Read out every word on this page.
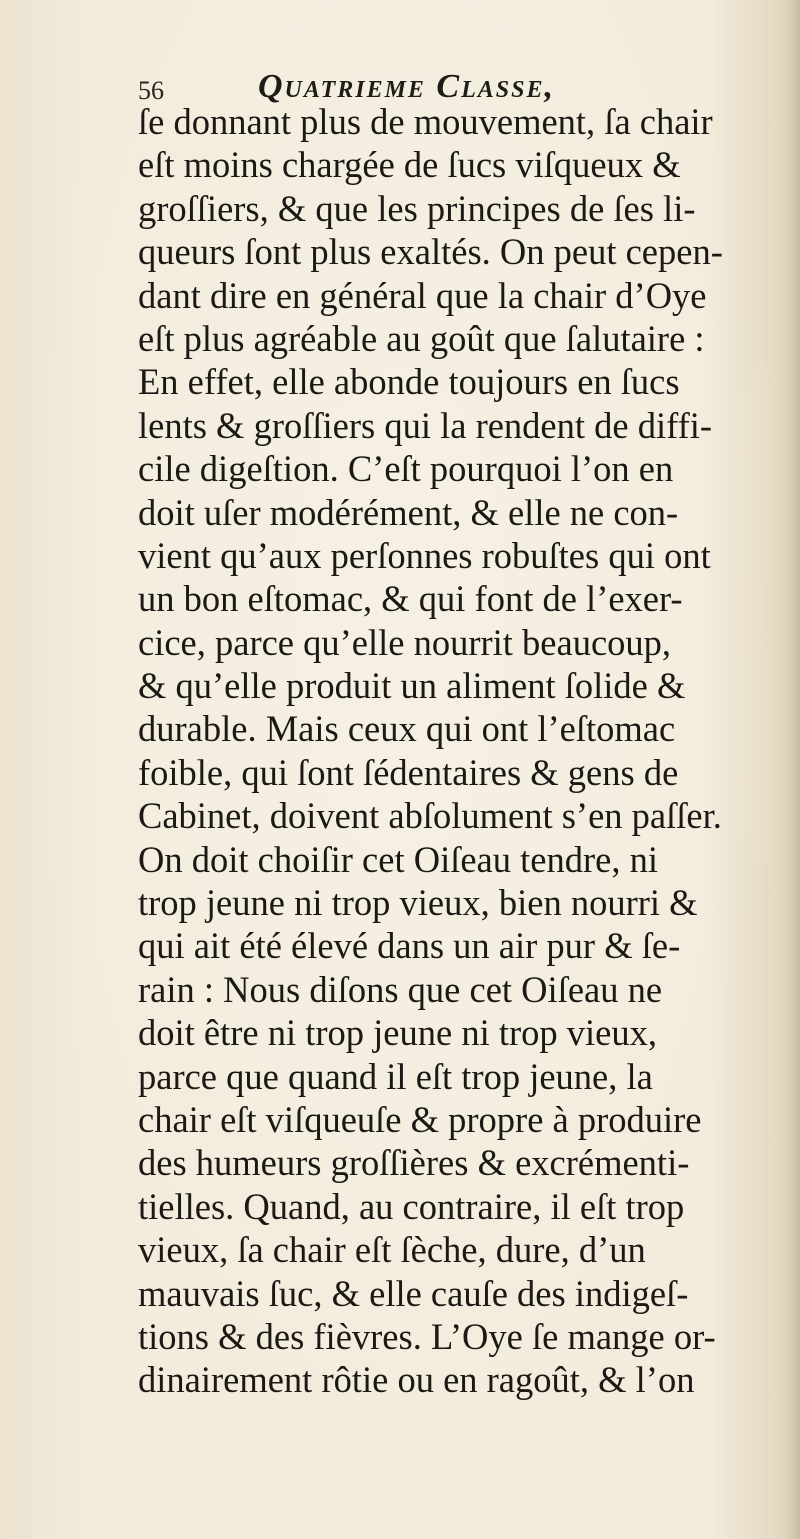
56	Quatrieme Classe,
ſe donnant plus de mouvement, ſa chair
eſt moins chargée de ſucs viſqueux &
groſſiers, & que les principes de ſes li-
queurs ſont plus exaltés. On peut cepen-
dant dire en général que la chair d’Oye
eſt plus agréable au goût que ſalutaire :
En effet, elle abonde toujours en ſucs
lents & groſſiers qui la rendent de diffi-
cile digeſtion. C’eſt pourquoi l’on en
doit uſer modérément, & elle ne con-
vient qu’aux perſonnes robuſtes qui ont
un bon eſtomac, & qui font de l’exer-
cice, parce qu’elle nourrit beaucoup,
& qu’elle produit un aliment ſolide &
durable. Mais ceux qui ont l’eſtomac
foible, qui ſont ſédentaires & gens de
Cabinet, doivent abſolument s’en paſſer.
On doit choiſir cet Oiſeau tendre, ni
trop jeune ni trop vieux, bien nourri &
qui ait été élevé dans un air pur & ſe-
rain : Nous diſons que cet Oiſeau ne
doit être ni trop jeune ni trop vieux,
parce que quand il eſt trop jeune, la
chair eſt viſqueuſe & propre à produire
des humeurs groſſières & excrémenti-
tielles. Quand, au contraire, il eſt trop
vieux, ſa chair eſt ſèche, dure, d’un
mauvais ſuc, & elle cauſe des indigeſ-
tions & des fièvres. L’Oye ſe mange or-
dinairement rôtie ou en ragoût, & l’on
